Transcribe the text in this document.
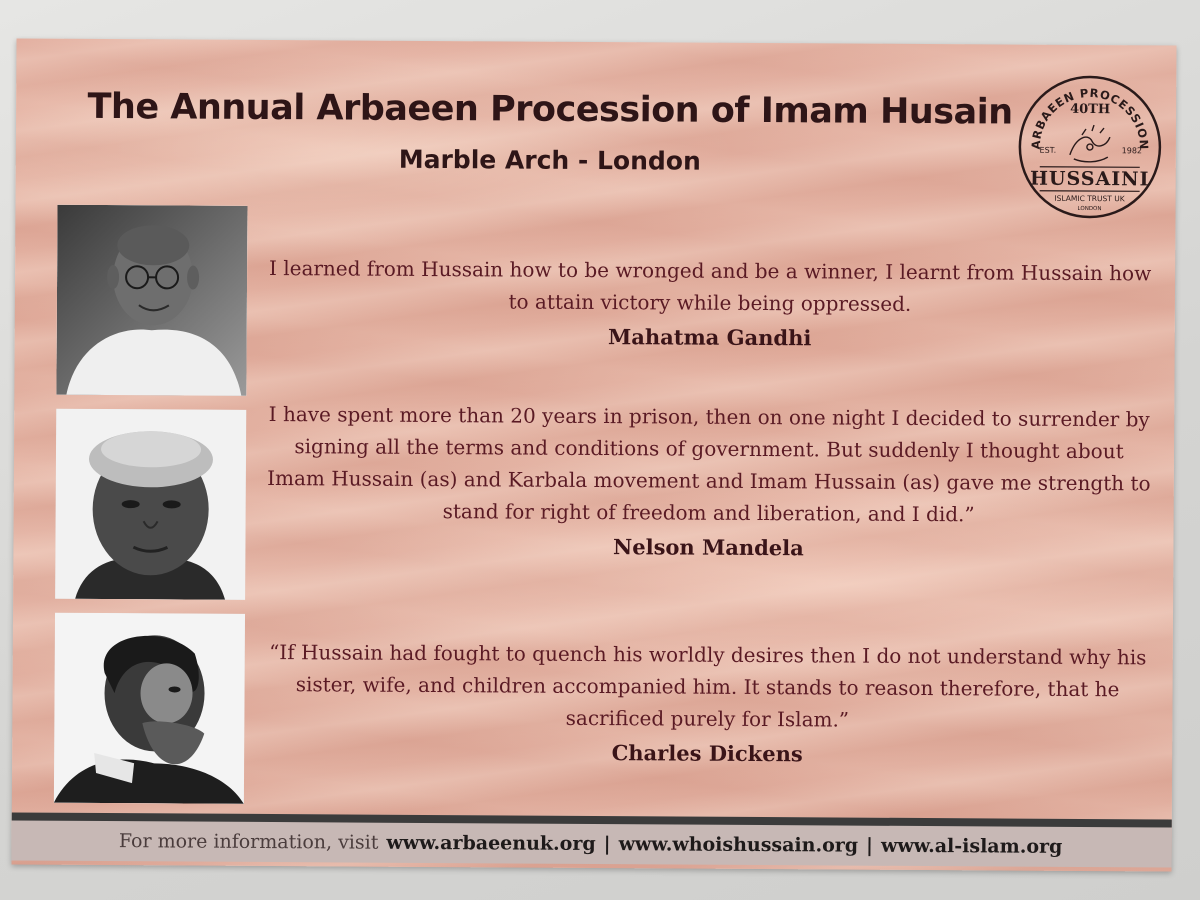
The Annual Arbaeen Procession of Imam Husain
Marble Arch - London
ARBAEEN PROCESSION
40TH
EST.	1982
HUSSAINI
ISLAMIC TRUST UK
LONDON

I learned from Hussain how to be wronged and be a winner, I learnt from Hussain how to attain victory while being oppressed.

Mahatma Gandhi

I have spent more than 20 years in prison, then on one night I decided to surrender by signing all the terms and conditions of government. But suddenly I thought about Imam Hussain (as) and Karbala movement and Imam Hussain (as) gave me strength to stand for right of freedom and liberation, and I did.”

Nelson Mandela

“If Hussain had fought to quench his worldly desires then I do not understand why his sister, wife, and children accompanied him. It stands to reason therefore, that he sacrificed purely for Islam.”

Charles Dickens
For more information, visit
www.arbaeenuk.org | www.whoishussain.org | www.al-islam.org
